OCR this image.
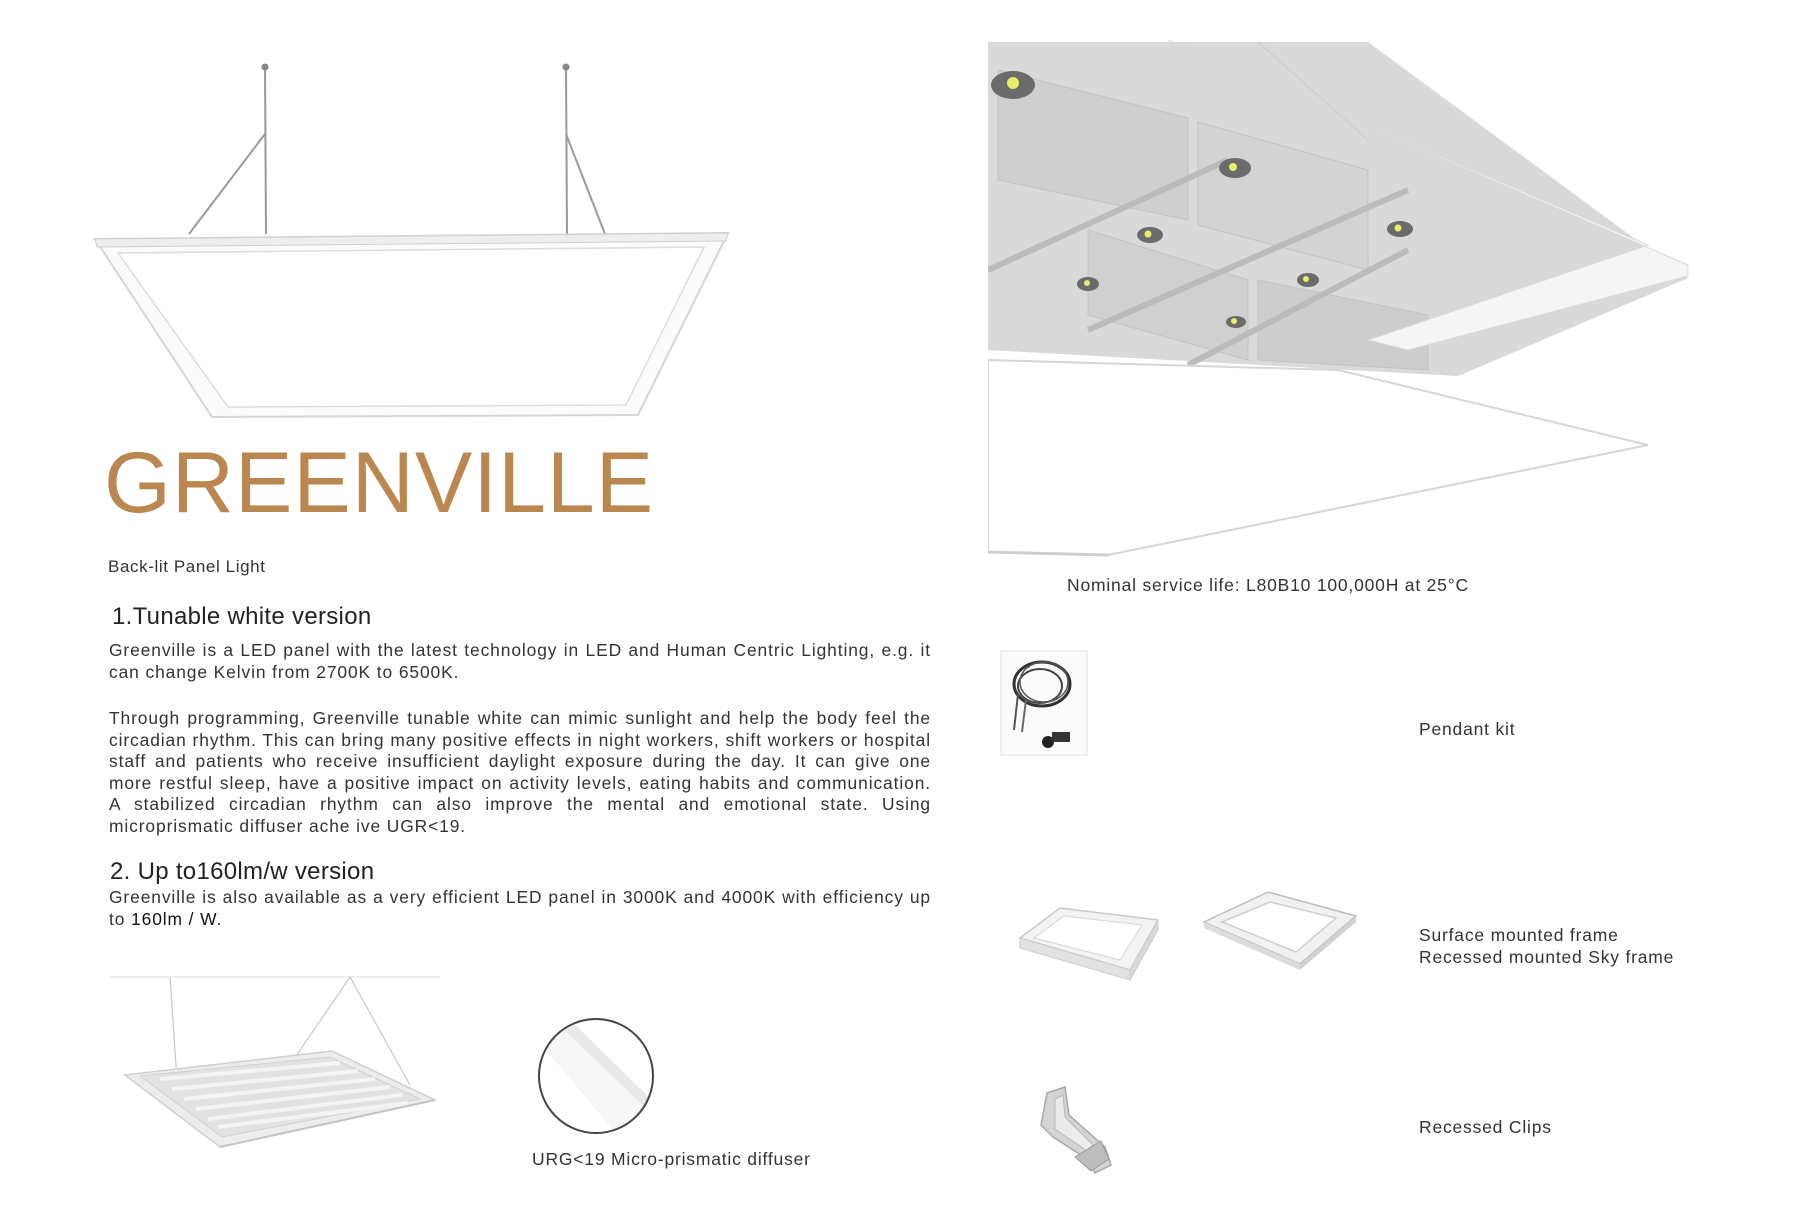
GREENVILLE
Back-lit Panel Light
1.Tunable white version
Greenville is a LED panel with the latest technology in LED and Human Centric Lighting, e.g. it can change Kelvin from 2700K to 6500K.
Through programming, Greenville tunable white can mimic sunlight and help the body feel the circadian rhythm. This can bring many positive effects in night workers, shift workers or hospital staff and patients who receive insufficient daylight exposure during the day. It can give one more restful sleep, have a positive impact on activity levels, eating habits and communication. A stabilized circadian rhythm can also improve the mental and emotional state. Using microprismatic diffuser ache ive UGR<19.
2. Up to160lm/w version
Greenville is also available as a very efficient LED panel in 3000K and 4000K with efficiency up to 160lm / W.
URG<19 Micro-prismatic diffuser
Nominal service life: L80B10 100,000H at 25°C
Pendant kit
Surface mounted frame
Recessed mounted Sky frame
Recessed Clips
